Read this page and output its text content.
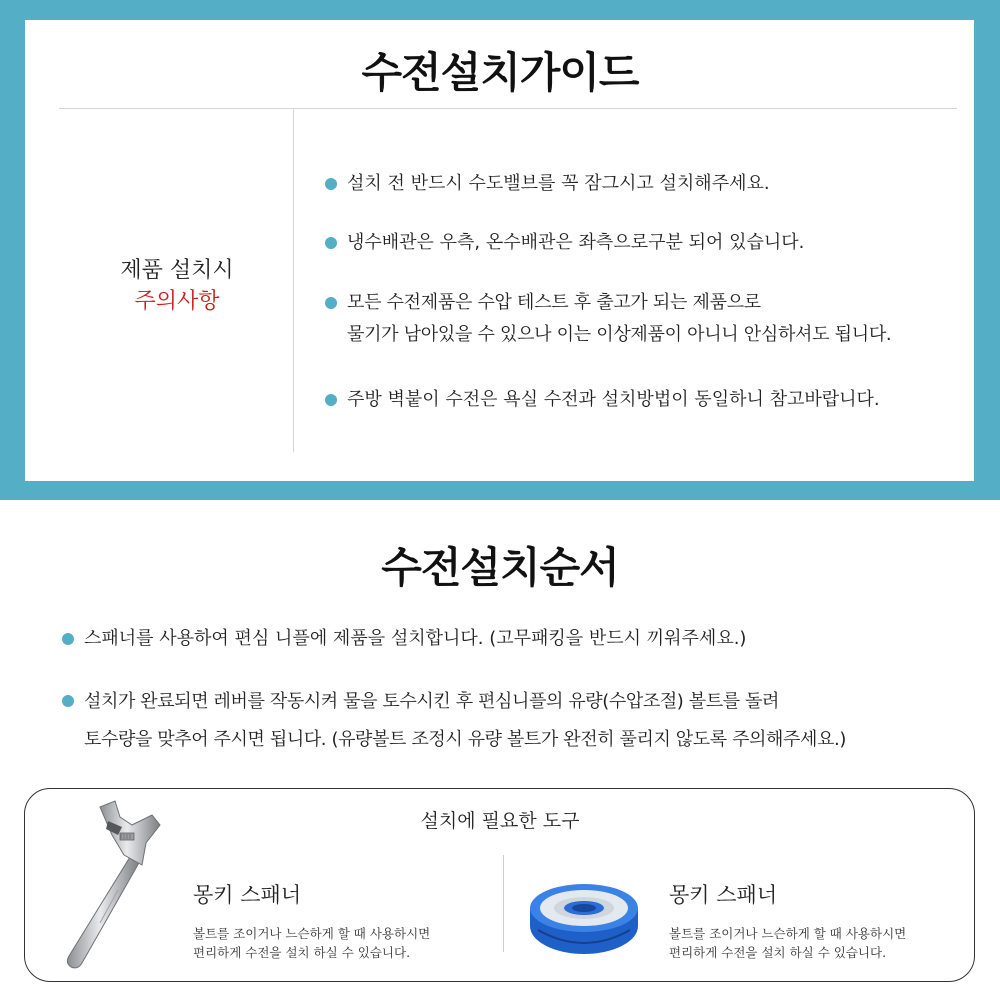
수전설치가이드
제품 설치시
주의사항
설치 전 반드시 수도밸브를 꼭 잠그시고 설치해주세요.
냉수배관은 우측, 온수배관은 좌측으로구분 되어 있습니다.
모든 수전제품은 수압 테스트 후 출고가 되는 제품으로
물기가 남아있을 수 있으나 이는 이상제품이 아니니 안심하셔도 됩니다.
주방 벽붙이 수전은 욕실 수전과 설치방법이 동일하니 참고바랍니다.
수전설치순서
스패너를 사용하여 편심 니플에 제품을 설치합니다. (고무패킹을 반드시 끼워주세요.)
설치가 완료되면 레버를 작동시켜 물을 토수시킨 후 편심니플의 유량(수압조절) 볼트를 돌려
토수량을 맞추어 주시면 됩니다. (유량볼트 조정시 유량 볼트가 완전히 풀리지 않도록 주의해주세요.)
설치에 필요한 도구
몽키 스패너
볼트를 조이거나 느슨하게 할 때 사용하시면
편리하게 수전을 설치 하실 수 있습니다.
몽키 스패너
볼트를 조이거나 느슨하게 할 때 사용하시면
편리하게 수전을 설치 하실 수 있습니다.
